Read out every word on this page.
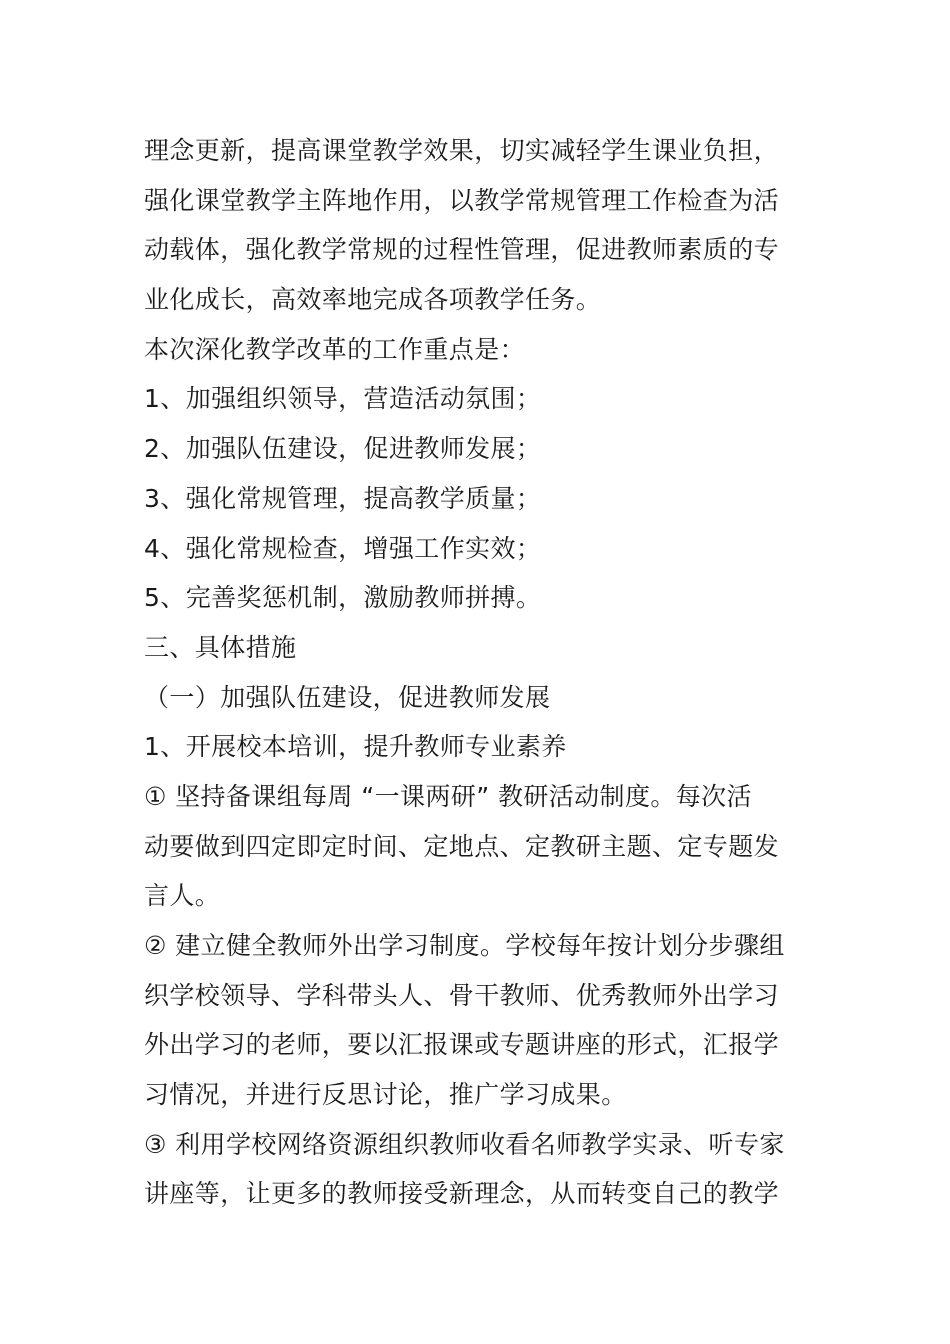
理念更新，提高课堂教学效果，切实减轻学生课业负担，
强化课堂教学主阵地作用，以教学常规管理工作检查为活
动载体，强化教学常规的过程性管理，促进教师素质的专
业化成长，高效率地完成各项教学任务。
本次深化教学改革的工作重点是：
1、加强组织领导，营造活动氛围；
2、加强队伍建设，促进教师发展；
3、强化常规管理，提高教学质量；
4、强化常规检查，增强工作实效；
5、完善奖惩机制，激励教师拼搏。
三、具体措施
（一）加强队伍建设，促进教师发展
1、开展校本培训，提升教师专业素养
① 坚持备课组每周 “一课两研” 教研活动制度。每次活
动要做到四定即定时间、定地点、定教研主题、定专题发
言人。
② 建立健全教师外出学习制度。学校每年按计划分步骤组
织学校领导、学科带头人、骨干教师、优秀教师外出学习
外出学习的老师，要以汇报课或专题讲座的形式，汇报学
习情况，并进行反思讨论，推广学习成果。
③ 利用学校网络资源组织教师收看名师教学实录、听专家
讲座等，让更多的教师接受新理念，从而转变自己的教学
